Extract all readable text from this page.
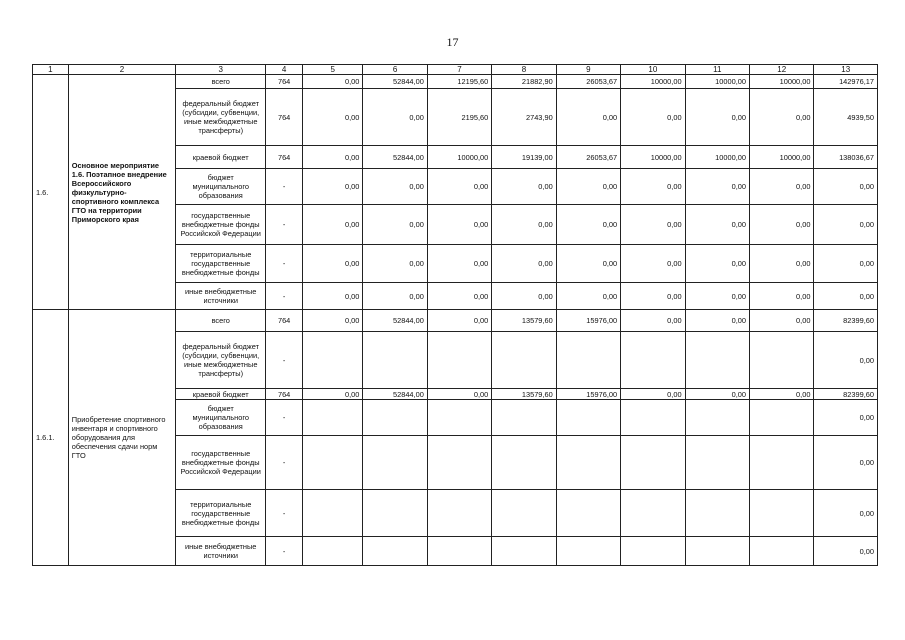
17
1	2	3	4	5	6	7	8	9	10	11	12	13
1.6.	Основное мероприятие 1.6. Поэтапное внедрение Всероссийского физкультурно-спортивного комплекса ГТО на территории Приморского края	всего	764	0,00	52844,00	12195,60	21882,90	26053,67	10000,00	10000,00	10000,00	142976,17
		федеральный бюджет (субсидии, субвенции, иные межбюджетные трансферты)	764	0,00	0,00	2195,60	2743,90	0,00	0,00	0,00	0,00	4939,50
		краевой бюджет	764	0,00	52844,00	10000,00	19139,00	26053,67	10000,00	10000,00	10000,00	138036,67
		бюджет муниципального образования	-	0,00	0,00	0,00	0,00	0,00	0,00	0,00	0,00	0,00
		государственные внебюджетные фонды Российской Федерации	-	0,00	0,00	0,00	0,00	0,00	0,00	0,00	0,00	0,00
		территориальные государственные внебюджетные фонды	-	0,00	0,00	0,00	0,00	0,00	0,00	0,00	0,00	0,00
		иные внебюджетные источники	-	0,00	0,00	0,00	0,00	0,00	0,00	0,00	0,00	0,00
1.6.1.	Приобретение спортивного инвентаря и спортивного оборудования для обеспечения сдачи норм ГТО	всего	764	0,00	52844,00	0,00	13579,60	15976,00	0,00	0,00	0,00	82399,60
		федеральный бюджет (субсидии, субвенции, иные межбюджетные трансферты)	-									0,00
		краевой бюджет	764	0,00	52844,00	0,00	13579,60	15976,00	0,00	0,00	0,00	82399,60
		бюджет муниципального образования	-									0,00
		государственные внебюджетные фонды Российской Федерации	-									0,00
		территориальные государственные внебюджетные фонды	-									0,00
		иные внебюджетные источники	-									0,00
